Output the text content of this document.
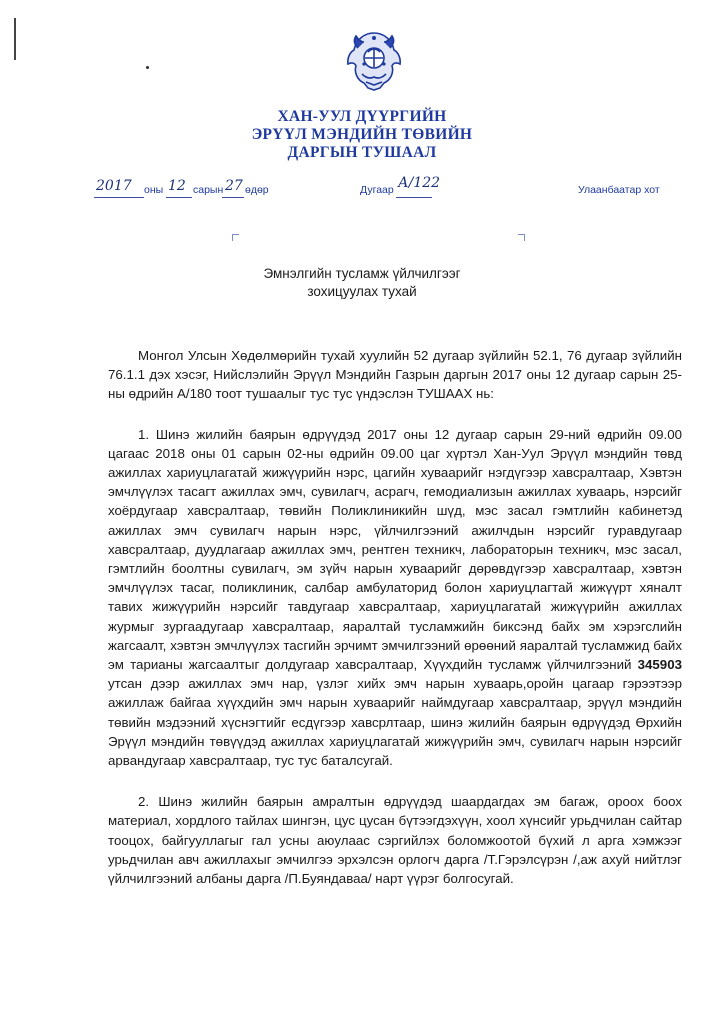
ХАН-УУЛ ДҮҮРГИЙН
ЭРҮҮЛ МЭНДИЙН ТӨВИЙН
ДАРГЫН ТУШААЛ
2017 оны 12 сарын 27 өдөр	Дугаар А/122	Улаанбаатар хот
Эмнэлгийн тусламж үйлчилгээг
зохицуулах тухай

Монгол Улсын Хөдөлмөрийн тухай хуулийн 52 дугаар зүйлийн 52.1, 76 дугаар зүйлийн 76.1.1 дэх хэсэг, Нийслэлийн Эрүүл Мэндийн Газрын даргын 2017 оны 12 дугаар сарын 25-ны өдрийн А/180 тоот тушаалыг тус тус үндэслэн ТУШААХ нь:

1. Шинэ жилийн баярын өдрүүдэд 2017 оны 12 дугаар сарын 29-ний өдрийн 09.00 цагаас 2018 оны 01 сарын 02-ны өдрийн 09.00 цаг хүртэл Хан-Уул Эрүүл мэндийн төвд ажиллах хариуцлагатай жижүүрийн нэрс, цагийн хуваарийг нэгдүгээр хавсралтаар, Хэвтэн эмчлүүлэх тасагт ажиллах эмч, сувилагч, асрагч, гемодиализын ажиллах хуваарь, нэрсийг хоёрдугаар хавсралтаар, төвийн Поликлиникийн шүд, мэс засал гэмтлийн кабинетэд ажиллах эмч сувилагч нарын нэрс, үйлчилгээний ажилчдын нэрсийг гуравдугаар хавсралтаар, дуудлагаар ажиллах эмч, рентген техникч, лабораторын техникч, мэс засал, гэмтлийн боолтны сувилагч, эм зүйч нарын хуваарийг дөрөвдүгээр хавсралтаар, хэвтэн эмчлүүлэх тасаг, поликлиник, салбар амбулаторид болон хариуцлагтай жижүүрт хяналт тавих жижүүрийн нэрсийг тавдугаар хавсралтаар, хариуцлагатай жижүүрийн ажиллах журмыг зургаадугаар хавсралтаар, яаралтай тусламжийн биксэнд байх эм хэрэгслийн жагсаалт, хэвтэн эмчлүүлэх тасгийн эрчимт эмчилгээний өрөөний яаралтай тусламжид байх эм тарианы жагсаалтыг долдугаар хавсралтаар, Хүүхдийн тусламж үйлчилгээний 345903 утсан дээр ажиллах эмч нар, үзлэг хийх эмч нарын хуваарь,оройн цагаар гэрээтээр ажиллаж байгаа хүүхдийн эмч нарын хуваарийг наймдугаар хавсралтаар, эрүүл мэндийн төвийн мэдээний хүснэгтийг есдүгээр хавсрлтаар, шинэ жилийн баярын өдрүүдэд Өрхийн Эрүүл мэндийн төвүүдэд ажиллах хариуцлагатай жижүүрийн эмч, сувилагч нарын нэрсийг арвандугаар хавсралтаар, тус тус баталсугай.

2. Шинэ жилийн баярын амралтын өдрүүдэд шаардагдах эм багаж, ороох боох материал, хордлого тайлах шингэн, цус цусан бүтээгдэхүүн, хоол хүнсийг урьдчилан сайтар тооцох, байгууллагыг гал усны аюулаас сэргийлэх боломжоотой бүхий л арга хэмжээг урьдчилан авч ажиллахыг эмчилгээ эрхэлсэн орлогч дарга /Т.Гэрэлсүрэн /,аж ахуй нийтлэг үйлчилгээний албаны дарга /П.Буяндаваа/ нарт үүрэг болгосугай.
